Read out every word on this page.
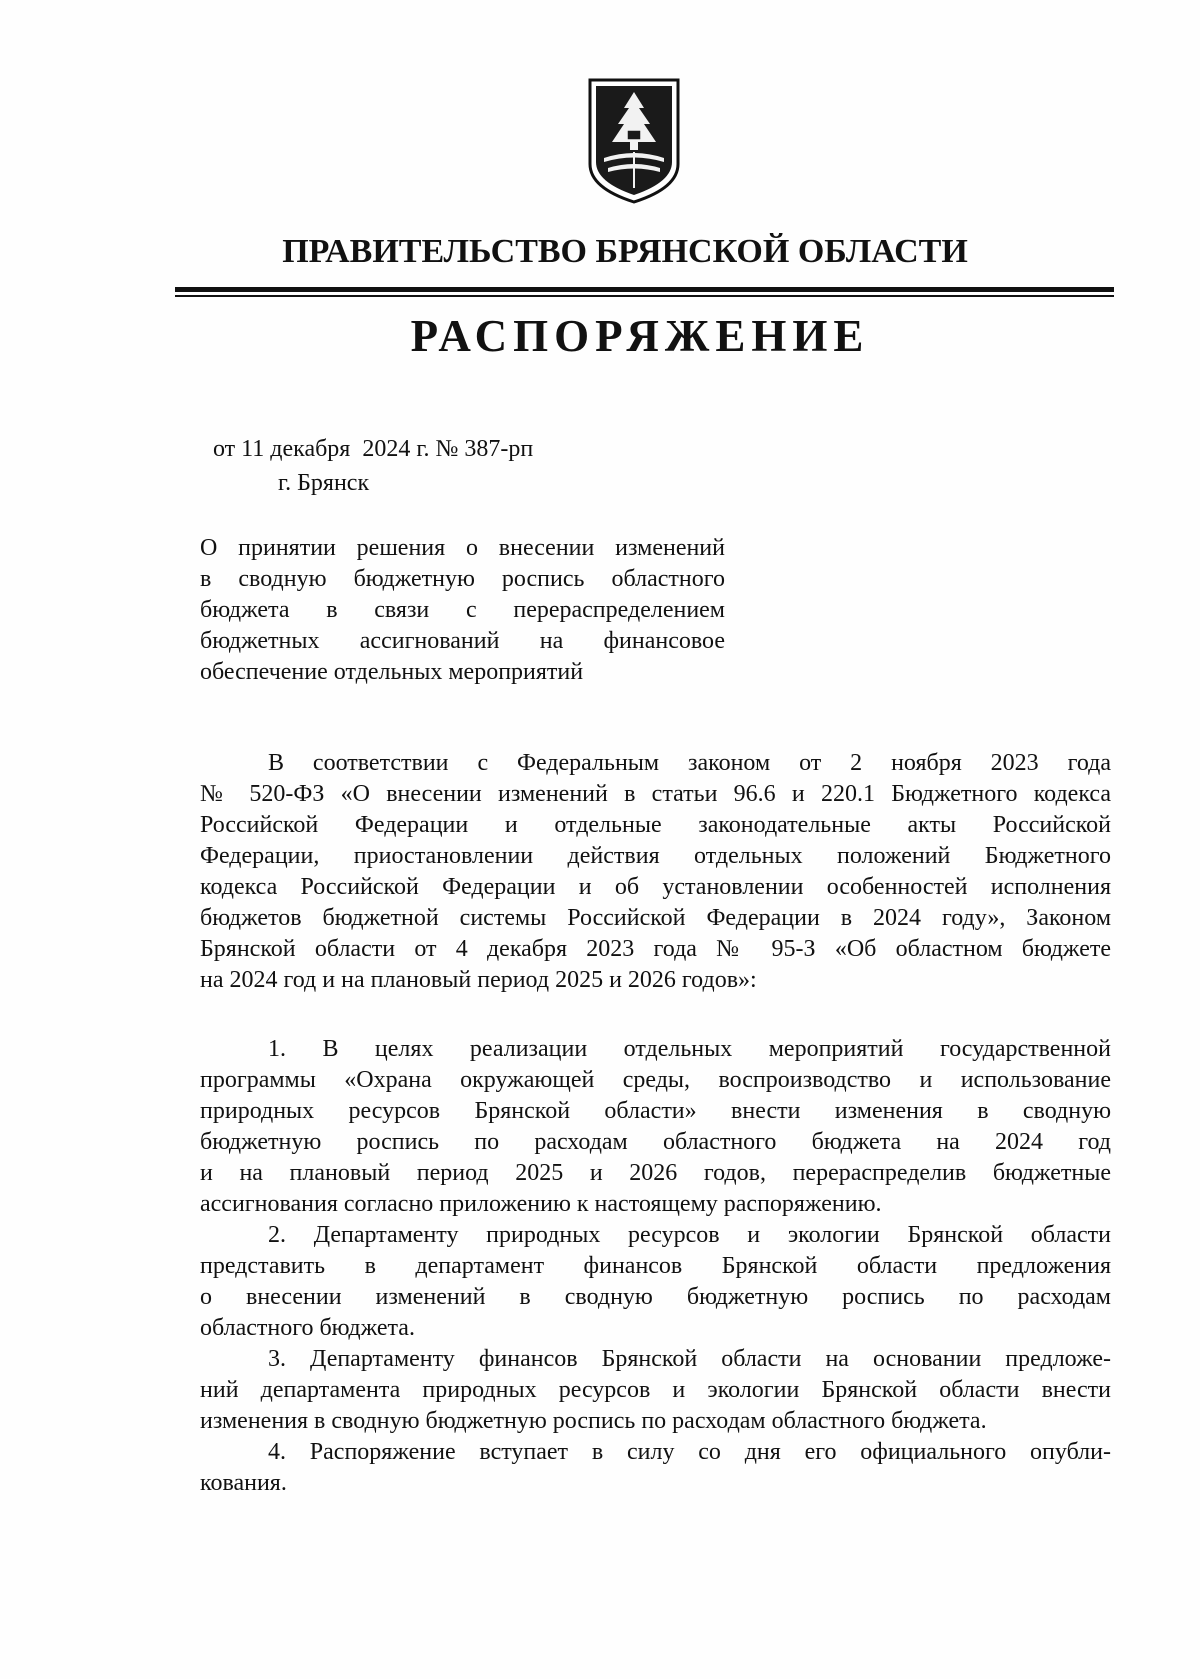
ПРАВИТЕЛЬСТВО БРЯНСКОЙ ОБЛАСТИ
РАСПОРЯЖЕНИЕ
от 11 декабря  2024 г. № 387-рп
г. Брянск
О принятии решения о внесении изменений
в сводную бюджетную роспись областного
бюджета в связи с перераспределением
бюджетных ассигнований на финансовое
обеспечение отдельных мероприятий
В соответствии с Федеральным законом от 2 ноября 2023 года
№ 520-ФЗ «О внесении изменений в статьи 96.6 и 220.1 Бюджетного кодекса
Российской Федерации и отдельные законодательные акты Российской
Федерации, приостановлении действия отдельных положений Бюджетного
кодекса Российской Федерации и об установлении особенностей исполнения
бюджетов бюджетной системы Российской Федерации в 2024 году», Законом
Брянской области от 4 декабря 2023 года № 95-З «Об областном бюджете
на 2024 год и на плановый период 2025 и 2026 годов»:
1. В целях реализации отдельных мероприятий государственной
программы «Охрана окружающей среды, воспроизводство и использование
природных ресурсов Брянской области» внести изменения в сводную
бюджетную роспись по расходам областного бюджета на 2024 год
и на плановый период 2025 и 2026 годов, перераспределив бюджетные
ассигнования согласно приложению к настоящему распоряжению.
2. Департаменту природных ресурсов и экологии Брянской области
представить в департамент финансов Брянской области предложения
о внесении изменений в сводную бюджетную роспись по расходам
областного бюджета.
3. Департаменту финансов Брянской области на основании предложе-
ний департамента природных ресурсов и экологии Брянской области внести
изменения в сводную бюджетную роспись по расходам областного бюджета.
4. Распоряжение вступает в силу со дня его официального опубли-
кования.
